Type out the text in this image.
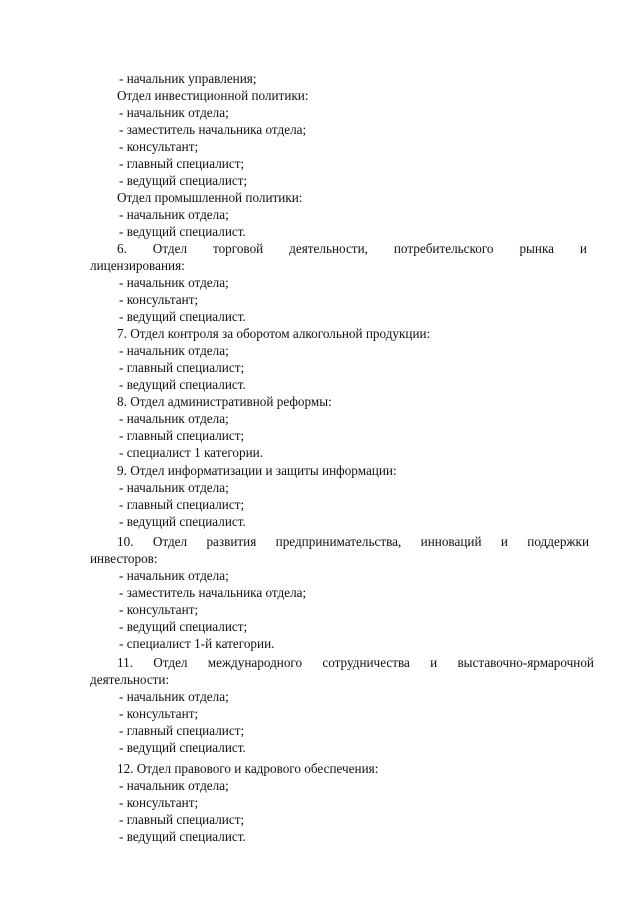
- начальник управления;
Отдел инвестиционной политики:
- начальник отдела;
- заместитель начальника отдела;
- консультант;
- главный специалист;
- ведущий специалист;
Отдел промышленной политики:
- начальник отдела;
- ведущий специалист.
6. Отдел торговой деятельности, потребительского рынка и
лицензирования:
- начальник отдела;
- консультант;
- ведущий специалист.
7. Отдел контроля за оборотом алкогольной продукции:
- начальник отдела;
- главный специалист;
- ведущий специалист.
8. Отдел административной реформы:
- начальник отдела;
- главный специалист;
- специалист 1 категории.
9. Отдел информатизации и защиты информации:
- начальник отдела;
- главный специалист;
- ведущий специалист.
10. Отдел развития предпринимательства, инноваций и поддержки
инвесторов:
- начальник отдела;
- заместитель начальника отдела;
- консультант;
- ведущий специалист;
- специалист 1-й категории.
11. Отдел международного сотрудничества и выставочно-ярмарочной
деятельности:
- начальник отдела;
- консультант;
- главный специалист;
- ведущий специалист.
12. Отдел правового и кадрового обеспечения:
- начальник отдела;
- консультант;
- главный специалист;
- ведущий специалист.
